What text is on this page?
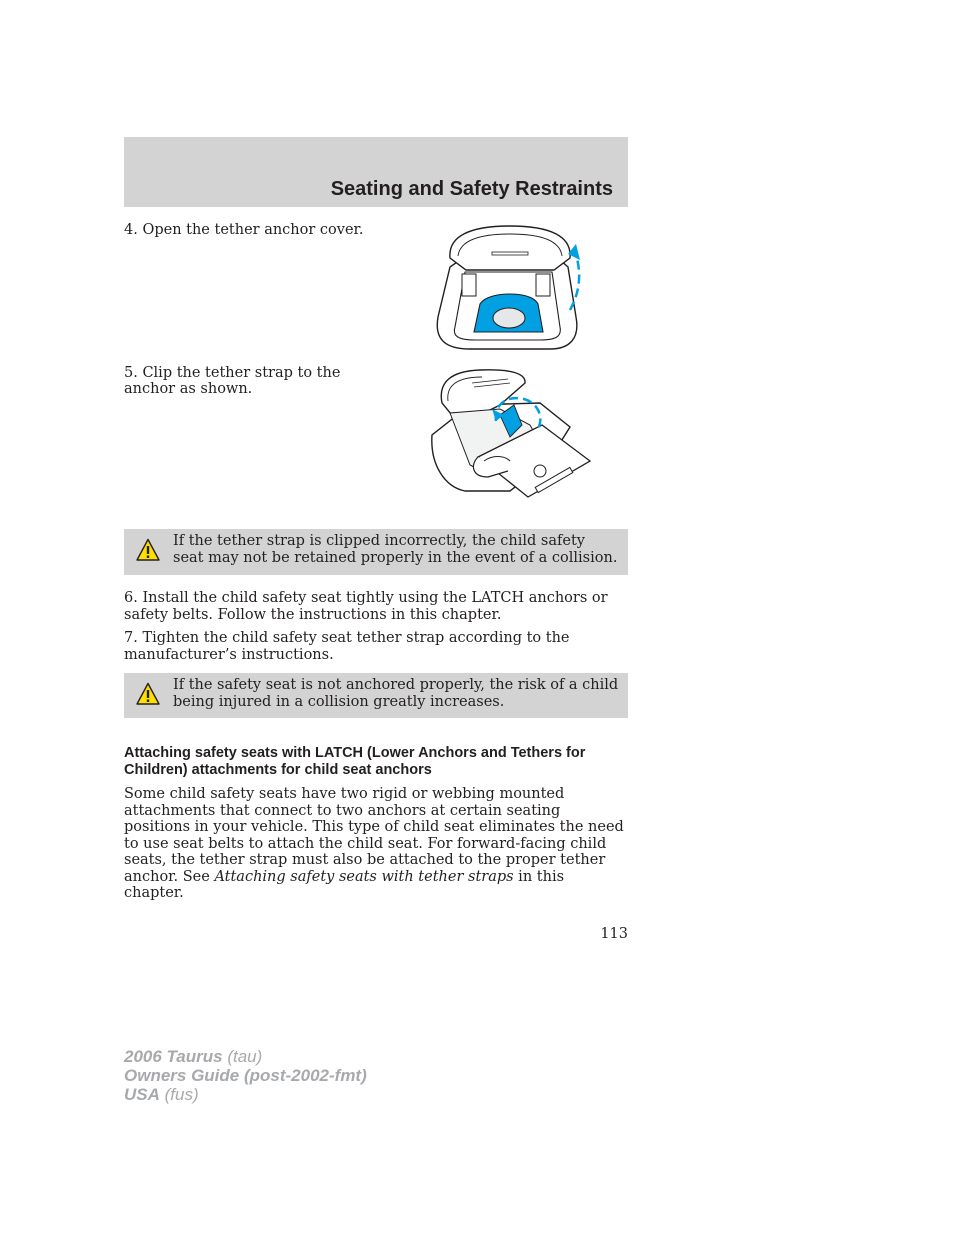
Seating and Safety Restraints
4. Open the tether anchor cover.
5. Clip the tether strap to the
anchor as shown.
If the tether strap is clipped incorrectly, the child safety seat may not be retained properly in the event of a collision.
6. Install the child safety seat tightly using the LATCH anchors or safety belts. Follow the instructions in this chapter.
7. Tighten the child safety seat tether strap according to the manufacturer’s instructions.
If the safety seat is not anchored properly, the risk of a child being injured in a collision greatly increases.
Attaching safety seats with LATCH (Lower Anchors and Tethers for Children) attachments for child seat anchors
Some child safety seats have two rigid or webbing mounted attachments that connect to two anchors at certain seating positions in your vehicle. This type of child seat eliminates the need to use seat belts to attach the child seat. For forward-facing child seats, the tether strap must also be attached to the proper tether anchor. See Attaching safety seats with tether straps in this chapter.
113
2006 Taurus (tau)
Owners Guide (post-2002-fmt)
USA (fus)
